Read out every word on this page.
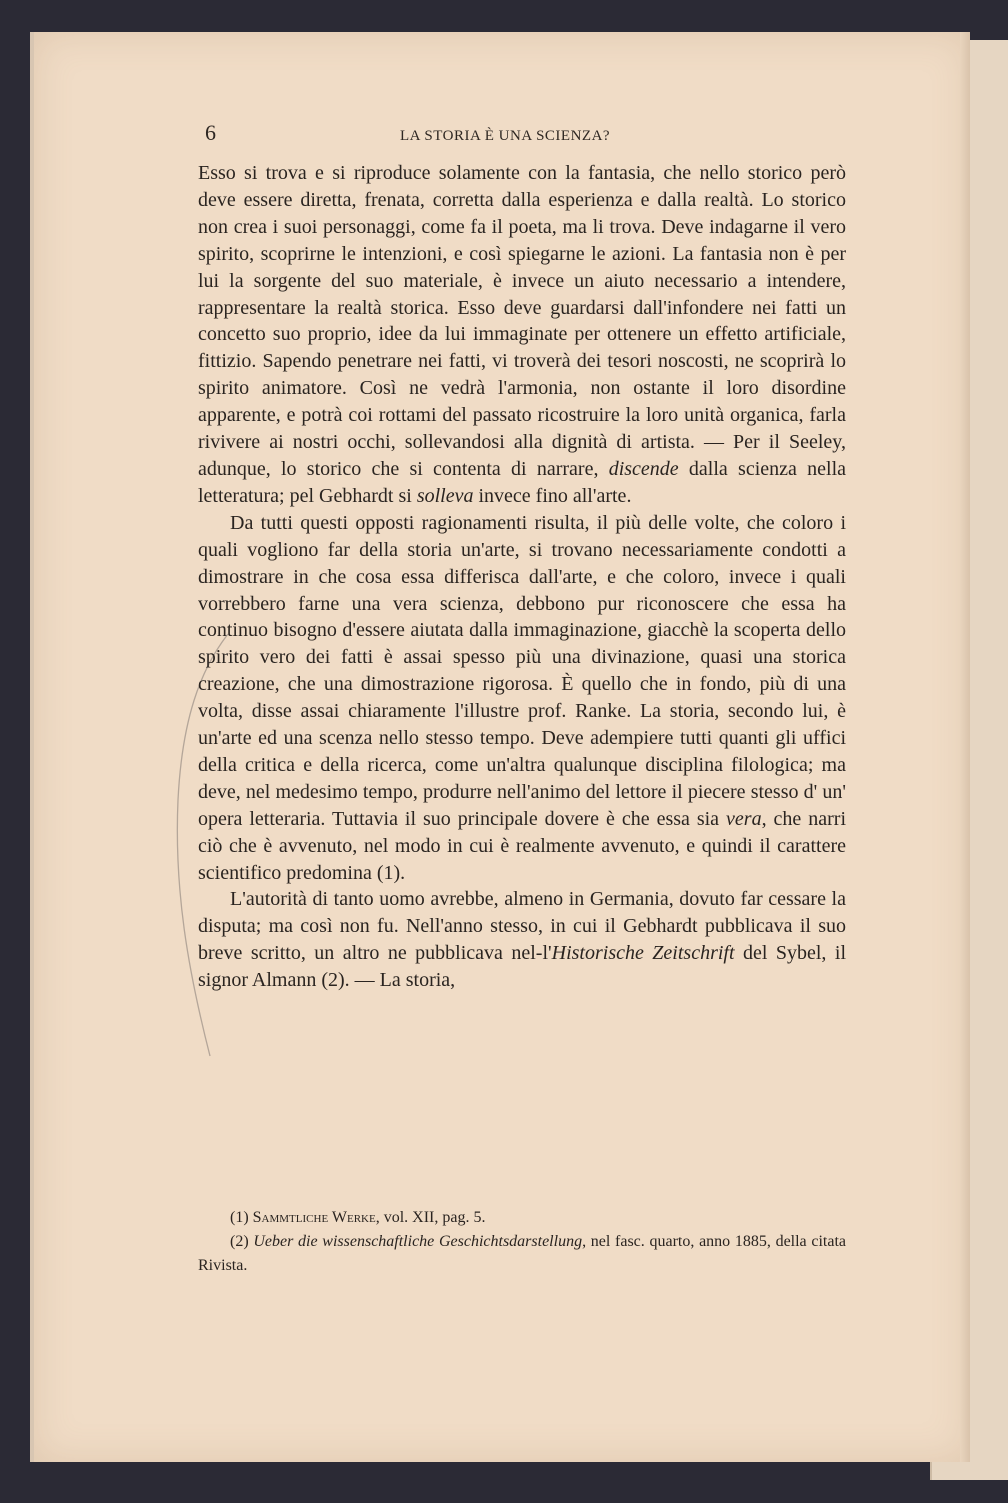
6	LA STORIA È UNA SCIENZA?

Esso si trova e si riproduce solamente con la fantasia, che nello storico però deve essere diretta, frenata, corretta dalla esperienza e dalla realtà. Lo storico non crea i suoi personaggi, come fa il poeta, ma li trova. Deve indagarne il vero spirito, scoprirne le intenzioni, e così spiegarne le azioni. La fantasia non è per lui la sorgente del suo materiale, è invece un aiuto necessario a intendere, rappresentare la realtà storica. Esso deve guardarsi dall'infondere nei fatti un concetto suo proprio, idee da lui immaginate per ottenere un effetto artificiale, fittizio. Sapendo penetrare nei fatti, vi troverà dei tesori noscosti, ne scoprirà lo spirito animatore. Così ne vedrà l'armonia, non ostante il loro disordine apparente, e potrà coi rottami del passato ricostruire la loro unità organica, farla rivivere ai nostri occhi, sollevandosi alla dignità di artista. — Per il Seeley, adunque, lo storico che si contenta di narrare, discende dalla scienza nella letteratura; pel Gebhardt si solleva invece fino all'arte.

Da tutti questi opposti ragionamenti risulta, il più delle volte, che coloro i quali vogliono far della storia un'arte, si trovano necessariamente condotti a dimostrare in che cosa essa differisca dall'arte, e che coloro, invece i quali vorrebbero farne una vera scienza, debbono pur riconoscere che essa ha continuo bisogno d'essere aiutata dalla immaginazione, giacchè la scoperta dello spirito vero dei fatti è assai spesso più una divinazione, quasi una storica creazione, che una dimostrazione rigorosa. È quello che in fondo, più di una volta, disse assai chiaramente l'illustre prof. Ranke. La storia, secondo lui, è un'arte ed una scenza nello stesso tempo. Deve adempiere tutti quanti gli uffici della critica e della ricerca, come un'altra qualunque disciplina filologica; ma deve, nel medesimo tempo, produrre nell'animo del lettore il piecere stesso d' un' opera letteraria. Tuttavia il suo principale dovere è che essa sia vera, che narri ciò che è avvenuto, nel modo in cui è realmente avvenuto, e quindi il carattere scientifico predomina (1).

L'autorità di tanto uomo avrebbe, almeno in Germania, dovuto far cessare la disputa; ma così non fu. Nell'anno stesso, in cui il Gebhardt pubblicava il suo breve scritto, un altro ne pubblicava nel-l'Historische Zeitschrift del Sybel, il signor Almann (2). — La storia,

(1) Sammtliche Werke, vol. XII, pag. 5.

(2) Ueber die wissenschaftliche Geschichtsdarstellung, nel fasc. quarto, anno 1885, della citata Rivista.
